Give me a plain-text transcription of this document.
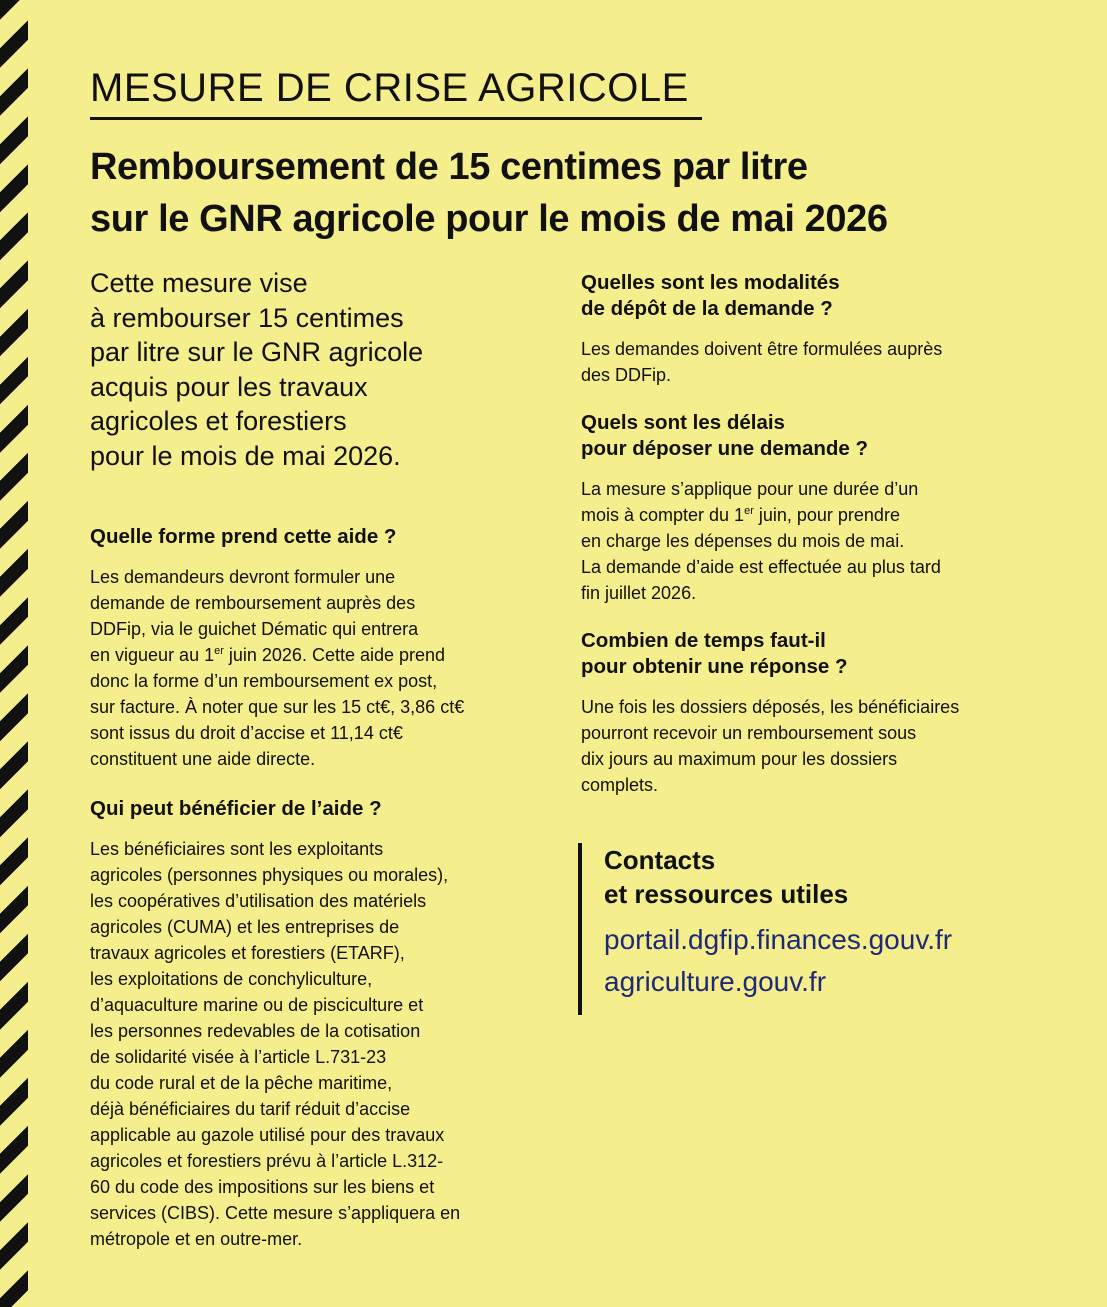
MESURE DE CRISE AGRICOLE
Remboursement de 15 centimes par litre
sur le GNR agricole pour le mois de mai 2026

Cette mesure vise
à rembourser 15 centimes
par litre sur le GNR agricole
acquis pour les travaux
agricoles et forestiers
pour le mois de mai 2026.

Quelle forme prend cette aide ?

Les demandeurs devront formuler une
demande de remboursement auprès des
DDFip, via le guichet Dématic qui entrera
en vigueur au 1er juin 2026. Cette aide prend
donc la forme d’un remboursement ex post,
sur facture. À noter que sur les 15 ct€, 3,86 ct€
sont issus du droit d’accise et 11,14 ct€
constituent une aide directe.

Qui peut bénéficier de l’aide ?

Les bénéficiaires sont les exploitants
agricoles (personnes physiques ou morales),
les coopératives d’utilisation des matériels
agricoles (CUMA) et les entreprises de
travaux agricoles et forestiers (ETARF),
les exploitations de conchyliculture,
d’aquaculture marine ou de pisciculture et
les personnes redevables de la cotisation
de solidarité visée à l’article L.731-23
du code rural et de la pêche maritime,
déjà bénéficiaires du tarif réduit d’accise
applicable au gazole utilisé pour des travaux
agricoles et forestiers prévu à l’article L.312-
60 du code des impositions sur les biens et
services (CIBS). Cette mesure s’appliquera en
métropole et en outre-mer.

Quelles sont les modalités
de dépôt de la demande ?

Les demandes doivent être formulées auprès
des DDFip.

Quels sont les délais
pour déposer une demande ?

La mesure s’applique pour une durée d’un
mois à compter du 1er juin, pour prendre
en charge les dépenses du mois de mai.
La demande d’aide est effectuée au plus tard
fin juillet 2026.

Combien de temps faut-il
pour obtenir une réponse ?

Une fois les dossiers déposés, les bénéficiaires
pourront recevoir un remboursement sous
dix jours au maximum pour les dossiers
complets.

Contacts
et ressources utiles

portail.dgfip.finances.gouv.fr
agriculture.gouv.fr
